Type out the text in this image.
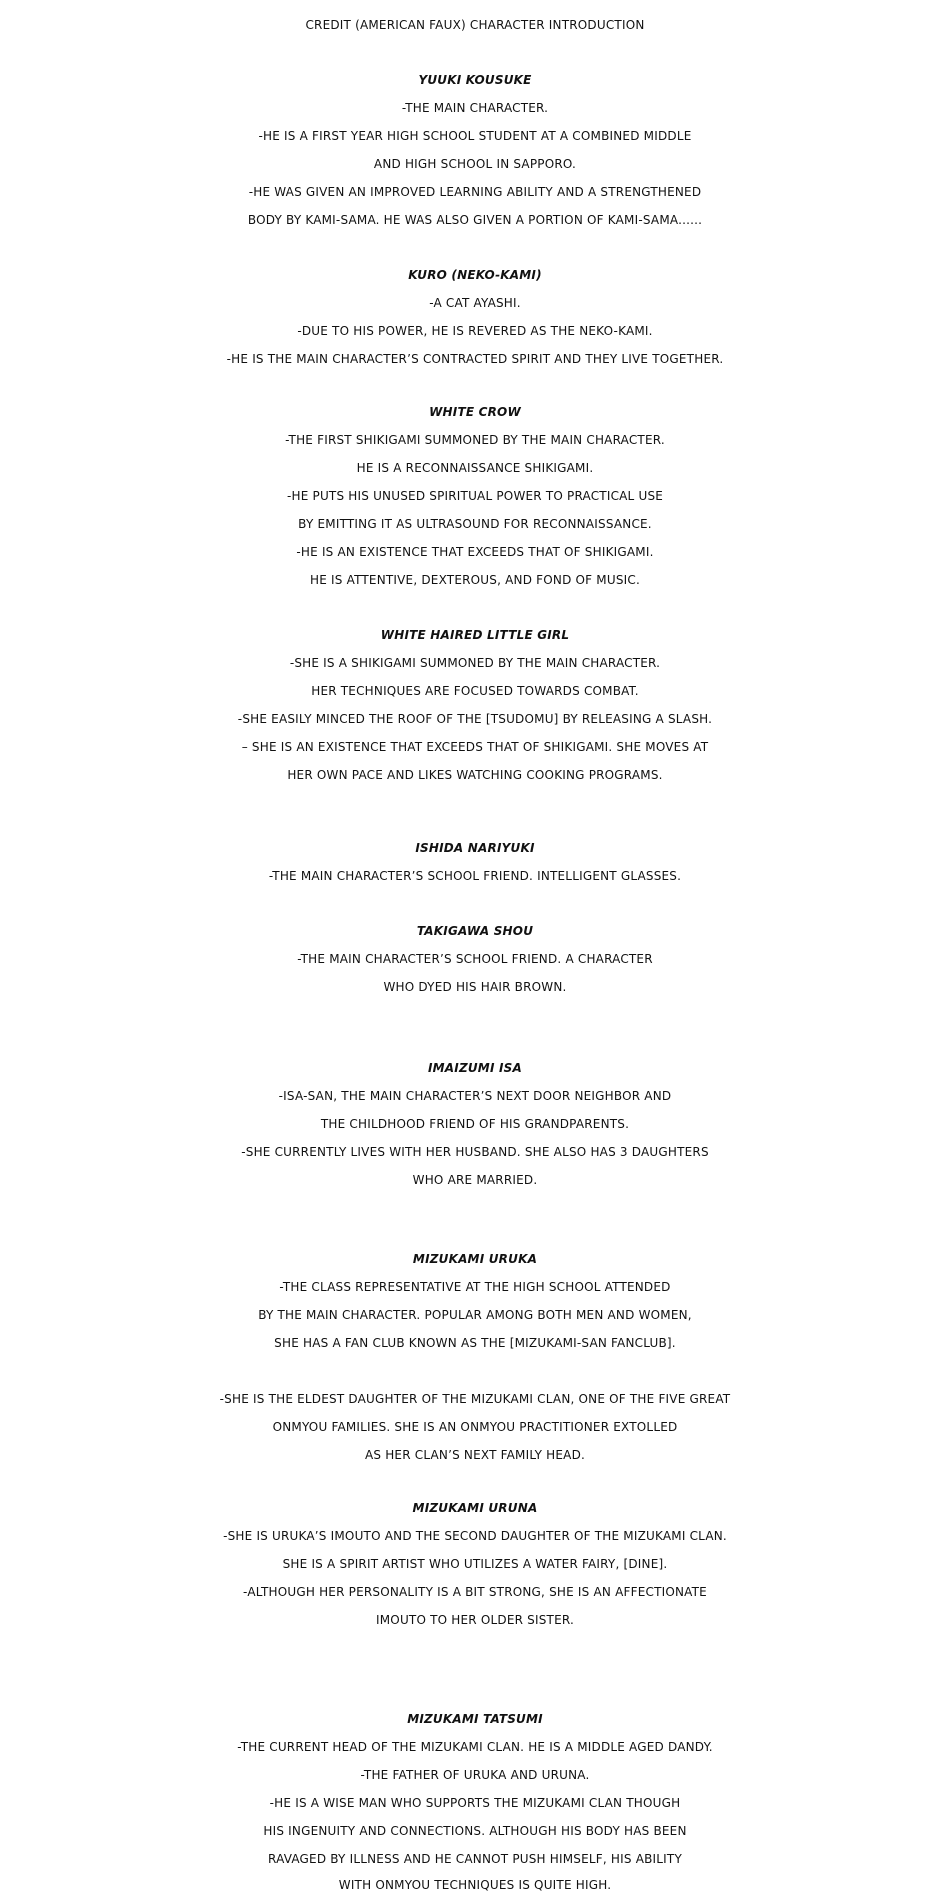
CREDIT (AMERICAN FAUX) CHARACTER INTRODUCTION
YUUKI KOUSUKE
-THE MAIN CHARACTER.
-HE IS A FIRST YEAR HIGH SCHOOL STUDENT AT A COMBINED MIDDLE
AND HIGH SCHOOL IN SAPPORO.
-HE WAS GIVEN AN IMPROVED LEARNING ABILITY AND A STRENGTHENED
BODY BY KAMI-SAMA. HE WAS ALSO GIVEN A PORTION OF KAMI-SAMA......
KURO (NEKO-KAMI)
-A CAT AYASHI.
-DUE TO HIS POWER, HE IS REVERED AS THE NEKO-KAMI.
-HE IS THE MAIN CHARACTER’S CONTRACTED SPIRIT AND THEY LIVE TOGETHER.
WHITE CROW
-THE FIRST SHIKIGAMI SUMMONED BY THE MAIN CHARACTER.
HE IS A RECONNAISSANCE SHIKIGAMI.
-HE PUTS HIS UNUSED SPIRITUAL POWER TO PRACTICAL USE
BY EMITTING IT AS ULTRASOUND FOR RECONNAISSANCE.
-HE IS AN EXISTENCE THAT EXCEEDS THAT OF SHIKIGAMI.
HE IS ATTENTIVE, DEXTEROUS, AND FOND OF MUSIC.
WHITE HAIRED LITTLE GIRL
-SHE IS A SHIKIGAMI SUMMONED BY THE MAIN CHARACTER.
HER TECHNIQUES ARE FOCUSED TOWARDS COMBAT.
-SHE EASILY MINCED THE ROOF OF THE [TSUDOMU] BY RELEASING A SLASH.
– SHE IS AN EXISTENCE THAT EXCEEDS THAT OF SHIKIGAMI. SHE MOVES AT
HER OWN PACE AND LIKES WATCHING COOKING PROGRAMS.
ISHIDA NARIYUKI
-THE MAIN CHARACTER’S SCHOOL FRIEND. INTELLIGENT GLASSES.
TAKIGAWA SHOU
-THE MAIN CHARACTER’S SCHOOL FRIEND. A CHARACTER
WHO DYED HIS HAIR BROWN.
IMAIZUMI ISA
-ISA-SAN, THE MAIN CHARACTER’S NEXT DOOR NEIGHBOR AND
THE CHILDHOOD FRIEND OF HIS GRANDPARENTS.
-SHE CURRENTLY LIVES WITH HER HUSBAND. SHE ALSO HAS 3 DAUGHTERS
WHO ARE MARRIED.
MIZUKAMI URUKA
-THE CLASS REPRESENTATIVE AT THE HIGH SCHOOL ATTENDED
BY THE MAIN CHARACTER. POPULAR AMONG BOTH MEN AND WOMEN,
SHE HAS A FAN CLUB KNOWN AS THE [MIZUKAMI-SAN FANCLUB].
-SHE IS THE ELDEST DAUGHTER OF THE MIZUKAMI CLAN, ONE OF THE FIVE GREAT
ONMYOU FAMILIES. SHE IS AN ONMYOU PRACTITIONER EXTOLLED
AS HER CLAN’S NEXT FAMILY HEAD.
MIZUKAMI URUNA
-SHE IS URUKA’S IMOUTO AND THE SECOND DAUGHTER OF THE MIZUKAMI CLAN.
SHE IS A SPIRIT ARTIST WHO UTILIZES A WATER FAIRY, [DINE].
-ALTHOUGH HER PERSONALITY IS A BIT STRONG, SHE IS AN AFFECTIONATE
IMOUTO TO HER OLDER SISTER.
MIZUKAMI TATSUMI
-THE CURRENT HEAD OF THE MIZUKAMI CLAN. HE IS A MIDDLE AGED DANDY.
-THE FATHER OF URUKA AND URUNA.
-HE IS A WISE MAN WHO SUPPORTS THE MIZUKAMI CLAN THOUGH
HIS INGENUITY AND CONNECTIONS. ALTHOUGH HIS BODY HAS BEEN
RAVAGED BY ILLNESS AND HE CANNOT PUSH HIMSELF, HIS ABILITY
WITH ONMYOU TECHNIQUES IS QUITE HIGH.
